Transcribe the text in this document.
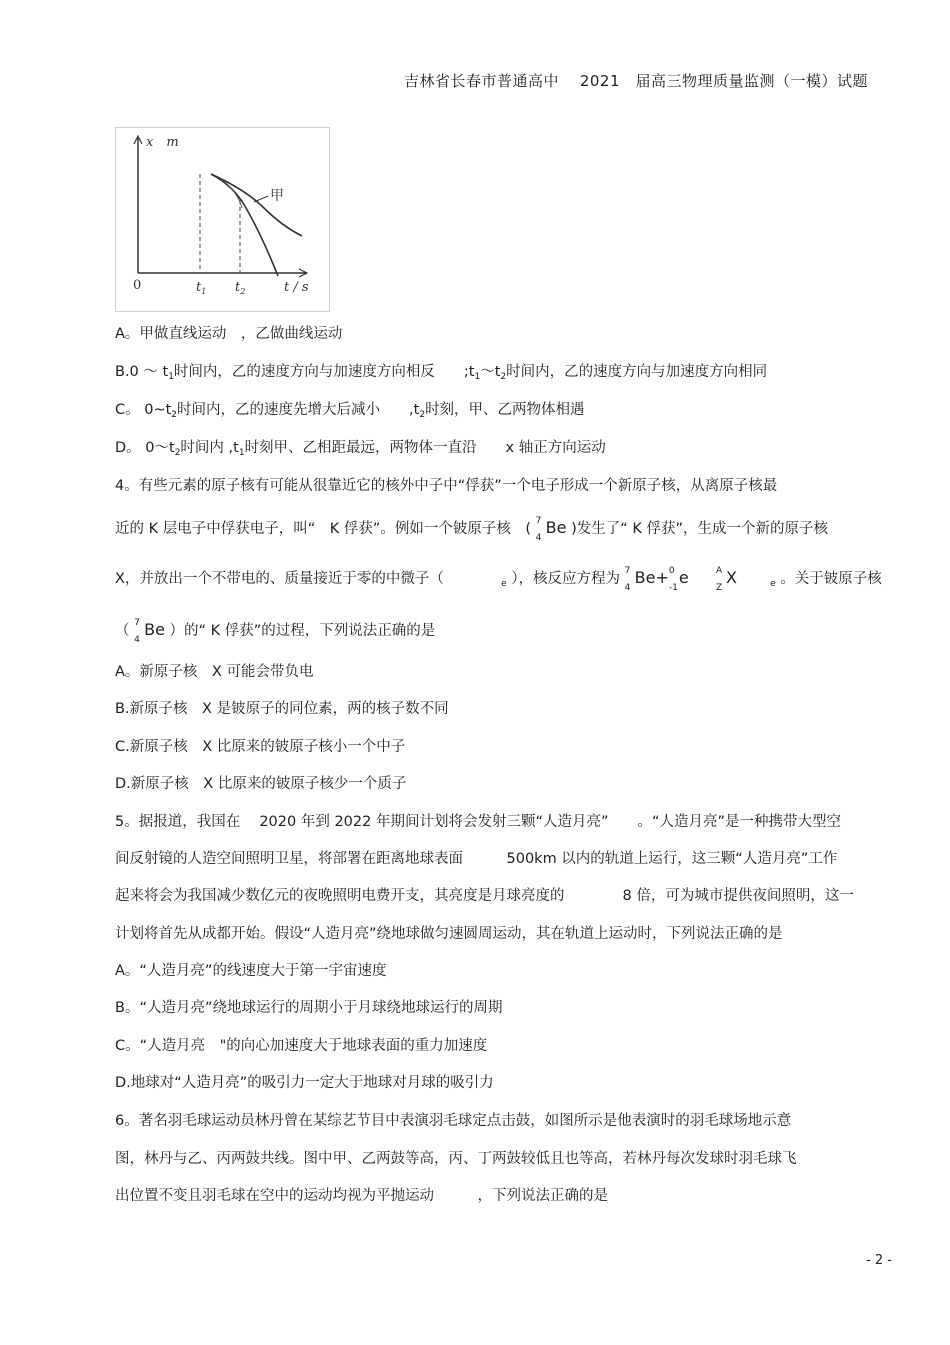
吉林省长春市普通高中　 2021　届高三物理质量监测（一模）试题
x　m
0	$t_1$ $t_2$	t / s
甲
A。甲做直线运动　，乙做曲线运动
B.0 ～ $t_1$时间内，乙的速度方向与加速度方向相反　　$;t_1\sim t_2$时间内，乙的速度方向与加速度方向相同
C。 $0\sim t_2$时间内，乙的速度先增大后减小　　$,t_2$时刻，甲、乙两物体相遇
D。 $0\sim t_2$时间内 $,t_1$时刻甲、乙相距最远，两物体一直沿　　x 轴正方向运动
4。有些元素的原子核有可能从很靠近它的核外中子中“俘获”一个电子形成一个新原子核，从离原子核最
近的 K 层电子中俘获电子，叫“　K 俘获”。例如一个铍原子核　( 7
4
Be )发生了“ K 俘获”，生成一个新的原子核
X，并放出一个不带电的、质量接近于零的中微子（	$_e$ ），核反应方程为 7
4
Be+ 0
-1
e	A
Z
X	$_e$ 。关于铍原子核
（ 7
4
Be ）的“ K 俘获”的过程，下列说法正确的是
A。新原子核　X 可能会带负电
B.新原子核　X 是铍原子的同位素，两的核子数不同
C.新原子核　X 比原来的铍原子核小一个中子
D.新原子核　X 比原来的铍原子核少一个质子
5。据报道，我国在　 2020 年到 2022 年期间计划将会发射三颗“人造月亮”　　。“人造月亮”是一种携带大型空
间反射镜的人造空间照明卫星，将部署在距离地球表面　　　500km 以内的轨道上运行，这三颗“人造月亮”工作
起来将会为我国减少数亿元的夜晚照明电费开支，其亮度是月球亮度的　　　　8 倍，可为城市提供夜间照明，这一
计划将首先从成都开始。假设“人造月亮”绕地球做匀速圆周运动，其在轨道上运动时，下列说法正确的是
A。“人造月亮”的线速度大于第一宇宙速度
B。“人造月亮”绕地球运行的周期小于月球绕地球运行的周期
C。“人造月亮　"的向心加速度大于地球表面的重力加速度
D.地球对“人造月亮”的吸引力一定大于地球对月球的吸引力
6。著名羽毛球运动员林丹曾在某综艺节目中表演羽毛球定点击鼓，如图所示是他表演时的羽毛球场地示意
图，林丹与乙、丙两鼓共线。图中甲、乙两鼓等高，丙、丁两鼓较低且也等高，若林丹每次发球时羽毛球飞
出位置不变且羽毛球在空中的运动均视为平抛运动　　　，下列说法正确的是
- 2 -
